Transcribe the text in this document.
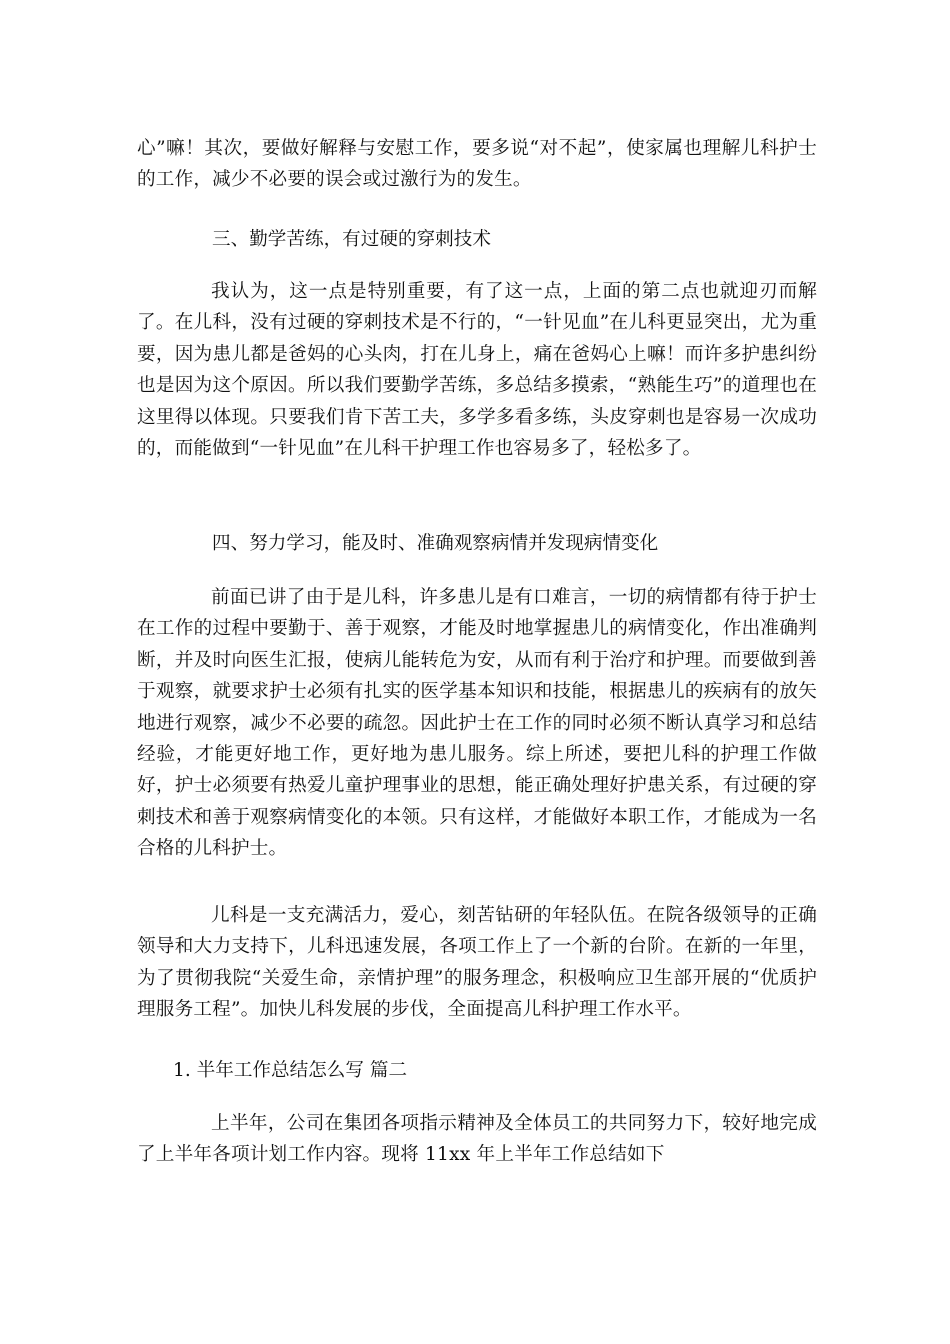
心”嘛！其次，要做好解释与安慰工作，要多说“对不起”，使家属也理解儿科护士的工作，减少不必要的误会或过激行为的发生。

三、勤学苦练，有过硬的穿刺技术

我认为，这一点是特别重要，有了这一点，上面的第二点也就迎刃而解了。在儿科，没有过硬的穿刺技术是不行的，“一针见血”在儿科更显突出，尤为重要，因为患儿都是爸妈的心头肉，打在儿身上，痛在爸妈心上嘛！而许多护患纠纷也是因为这个原因。所以我们要勤学苦练，多总结多摸索，“熟能生巧”的道理也在这里得以体现。只要我们肯下苦工夫，多学多看多练，头皮穿刺也是容易一次成功的，而能做到“一针见血”在儿科干护理工作也容易多了，轻松多了。

四、努力学习，能及时、准确观察病情并发现病情变化

前面已讲了由于是儿科，许多患儿是有口难言，一切的病情都有待于护士在工作的过程中要勤于、善于观察，才能及时地掌握患儿的病情变化，作出准确判断，并及时向医生汇报，使病儿能转危为安，从而有利于治疗和护理。而要做到善于观察，就要求护士必须有扎实的医学基本知识和技能，根据患儿的疾病有的放矢地进行观察，减少不必要的疏忽。因此护士在工作的同时必须不断认真学习和总结经验，才能更好地工作，更好地为患儿服务。综上所述，要把儿科的护理工作做好，护士必须要有热爱儿童护理事业的思想，能正确处理好护患关系，有过硬的穿刺技术和善于观察病情变化的本领。只有这样，才能做好本职工作，才能成为一名合格的儿科护士。

儿科是一支充满活力，爱心，刻苦钻研的年轻队伍。在院各级领导的正确领导和大力支持下，儿科迅速发展，各项工作上了一个新的台阶。在新的一年里，为了贯彻我院“关爱生命，亲情护理”的服务理念，积极响应卫生部开展的“优质护理服务工程”。加快儿科发展的步伐，全面提高儿科护理工作水平。

1. 半年工作总结怎么写 篇二

上半年，公司在集团各项指示精神及全体员工的共同努力下，较好地完成了上半年各项计划工作内容。现将 11xx 年上半年工作总结如下
